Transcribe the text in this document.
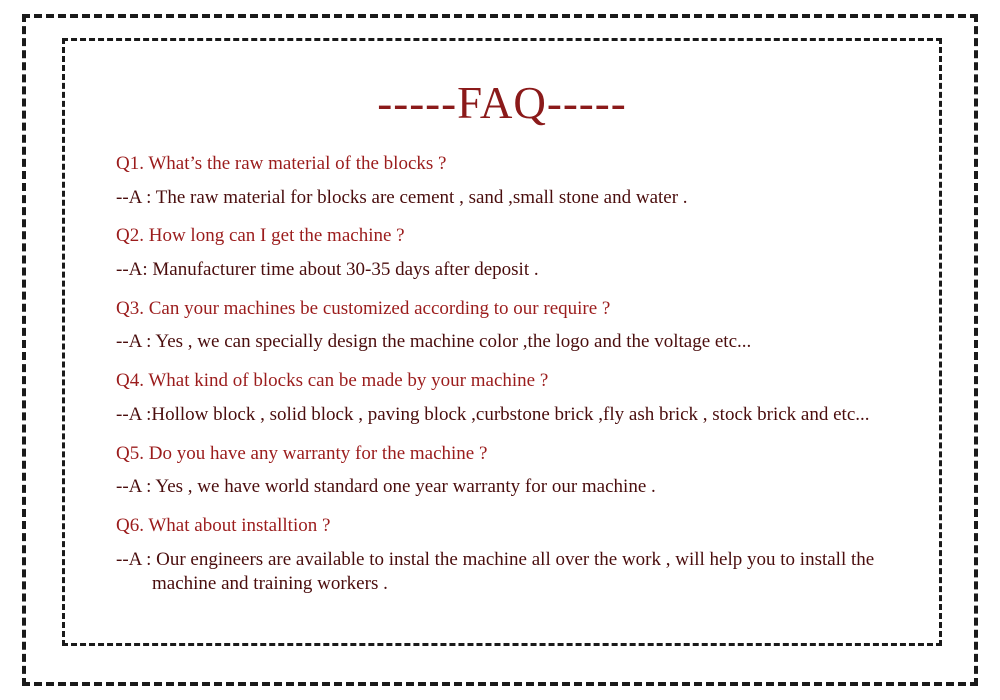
-----FAQ-----

Q1. What’s the raw material of the blocks ?

--A : The raw material for blocks are cement , sand ,small stone and water .

Q2. How long can I get the machine ?

--A: Manufacturer time about 30-35 days after deposit .

Q3. Can your machines be customized according to our require ?

--A : Yes , we can specially design the machine color ,the logo and the voltage etc...

Q4. What kind of blocks can be made by your machine ?

--A :Hollow block , solid block , paving block ,curbstone brick ,fly ash brick , stock brick and etc...

Q5. Do you have any warranty for the machine ?

--A : Yes , we have world standard one year warranty for our machine .

Q6. What about installtion ?

--A : Our engineers are available to instal the machine all over the work , will help you to install the
machine and training workers .
